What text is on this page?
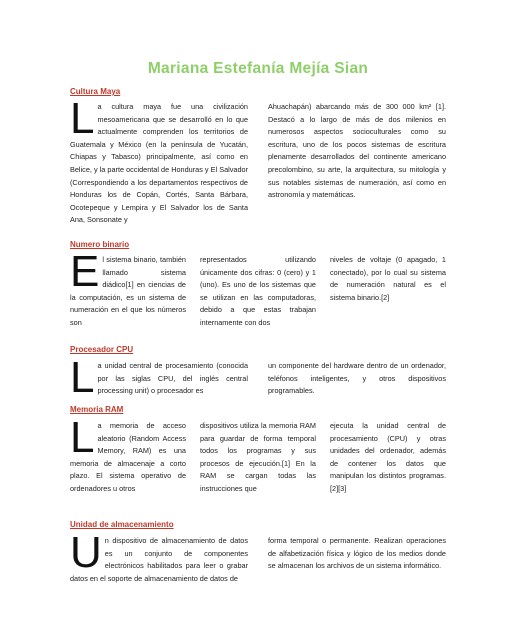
Mariana Estefanía Mejía Sian
Cultura Maya
La cultura maya fue una civilización mesoamericana que se desarrolló en lo que actualmente comprenden los territorios de Guatemala y México (en la península de Yucatán, Chiapas y Tabasco) principalmente, así como en Belice, y la parte occidental de Honduras y El Salvador (Correspondiendo a los departamentos respectivos de Honduras los de Copán, Cortés, Santa Bárbara, Ocotepeque y Lempira y El Salvador los de Santa Ana, Sonsonate y
Ahuachapán) abarcando más de 300 000 km² [1]. Destacó a lo largo de más de dos milenios en numerosos aspectos socioculturales como su escritura, uno de los pocos sistemas de escritura plenamente desarrollados del continente americano precolombino, su arte, la arquitectura, su mitología y sus notables sistemas de numeración, así como en astronomía y matemáticas.
Numero binario
El sistema binario, también llamado sistema diádico[1] en ciencias de la computación, es un sistema de numeración en el que los números son
representados utilizando únicamente dos cifras: 0 (cero) y 1 (uno). Es uno de los sistemas que se utilizan en las computadoras, debido a que estas trabajan internamente con dos
niveles de voltaje (0 apagado, 1 conectado), por lo cual su sistema de numeración natural es el sistema binario.[2]
Procesador CPU
La unidad central de procesamiento (conocida por las siglas CPU, del inglés central processing unit) o procesador es
un componente del hardware dentro de un ordenador, teléfonos inteligentes, y otros dispositivos programables.
Memoria RAM
La memoria de acceso aleatorio (Random Access Memory, RAM) es una memoria de almacenaje a corto plazo. El sistema operativo de ordenadores u otros
dispositivos utiliza la memoria RAM para guardar de forma temporal todos los programas y sus procesos de ejecución.[1] En la RAM se cargan todas las instrucciones que
ejecuta la unidad central de procesamiento (CPU) y otras unidades del ordenador, además de contener los datos que manipulan los distintos programas.[2][3]
Unidad de almacenamiento
Un dispositivo de almacenamiento de datos es un conjunto de componentes electrónicos habilitados para leer o grabar datos en el soporte de almacenamiento de datos de
forma temporal o permanente. Realizan operaciones de alfabetización física y lógico de los medios donde se almacenan los archivos de un sistema informático.
